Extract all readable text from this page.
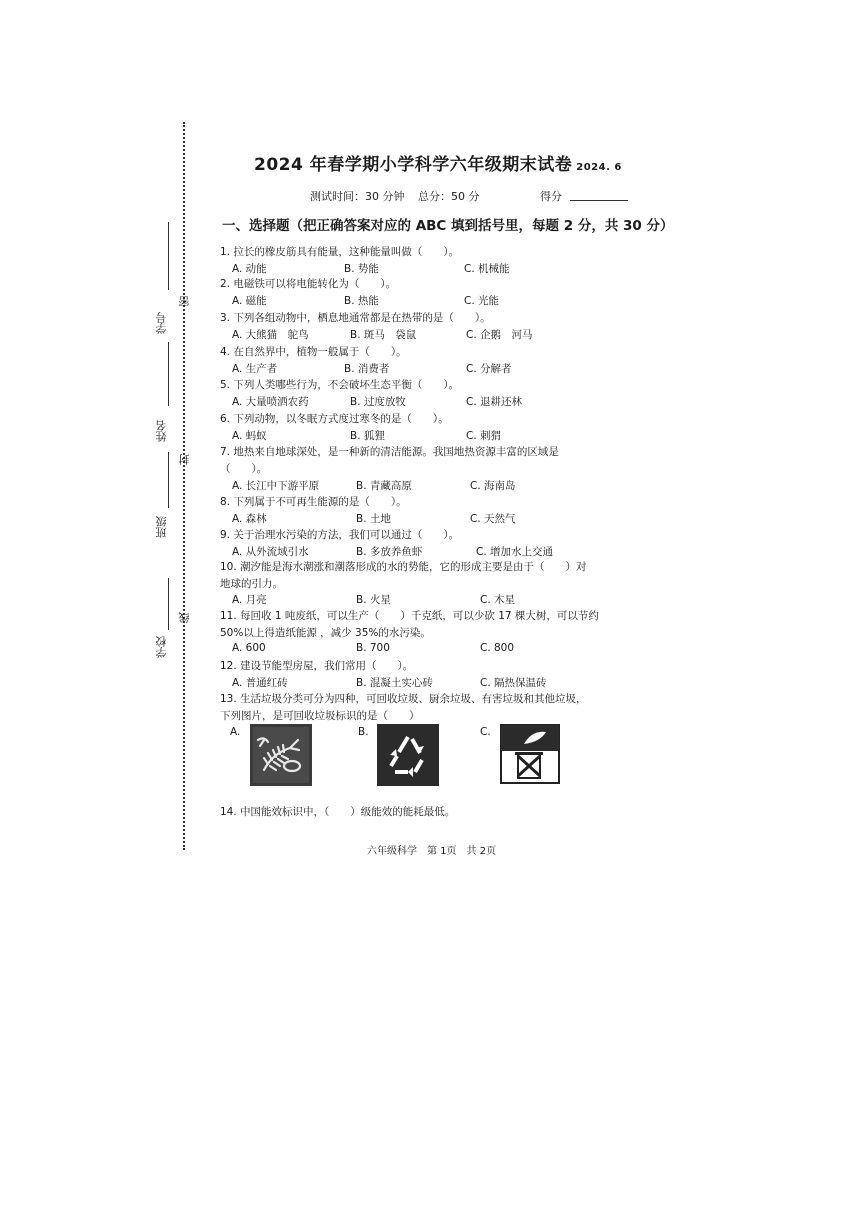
密
封
线
学号
姓名
班级
学校
2024 年春学期小学科学六年级期末试卷 2024. 6
测试时间：30 分钟 总分：50 分	得分
一、选择题（把正确答案对应的 ABC 填到括号里，每题 2 分，共 30 分）
1. 拉长的橡皮筋具有能量，这种能量叫做（　　）。
A. 动能	B. 势能	C. 机械能
2. 电磁铁可以将电能转化为（　　）。
A. 磁能	B. 热能	C. 光能
3. 下列各组动物中，栖息地通常都是在热带的是（　　）。
A. 大熊猫　鸵鸟	B. 斑马　袋鼠	C. 企鹅　河马
4. 在自然界中，植物一般属于（　　）。
A. 生产者	B. 消费者	C. 分解者
5. 下列人类哪些行为，不会破坏生态平衡（　　）。
A. 大量喷洒农药	B. 过度放牧	C. 退耕还林
6. 下列动物，以冬眠方式度过寒冬的是（　　）。
A. 蚂蚁	B. 狐狸	C. 刺猬
7. 地热来自地球深处，是一种新的清洁能源。我国地热资源丰富的区域是
（　　）。
A. 长江中下游平原	B. 青藏高原	C. 海南岛
8. 下列属于不可再生能源的是（　　）。
A. 森林	B. 土地	C. 天然气
9. 关于治理水污染的方法，我们可以通过（　　）。
A. 从外流域引水	B. 多放养鱼虾	C. 增加水上交通
10. 潮汐能是海水潮涨和潮落形成的水的势能，它的形成主要是由于（　　）对
地球的引力。
A. 月亮	B. 火星	C. 木星
11. 每回收 1 吨废纸，可以生产（　　）千克纸，可以少砍 17 棵大树，可以节约
50%以上得造纸能源 ，减少 35%的水污染。
A. 600	B. 700	C. 800
12. 建设节能型房屋，我们常用（　　）。
A. 普通红砖	B. 混凝土实心砖	C. 隔热保温砖
13. 生活垃圾分类可分为四种，可回收垃圾、厨余垃圾、有害垃圾和其他垃圾，
下列图片，是可回收垃圾标识的是（　　）
A.	B.	C.
14. 中国能效标识中，（　　）级能效的能耗最低。
六年级科学　第 1页　共 2页
